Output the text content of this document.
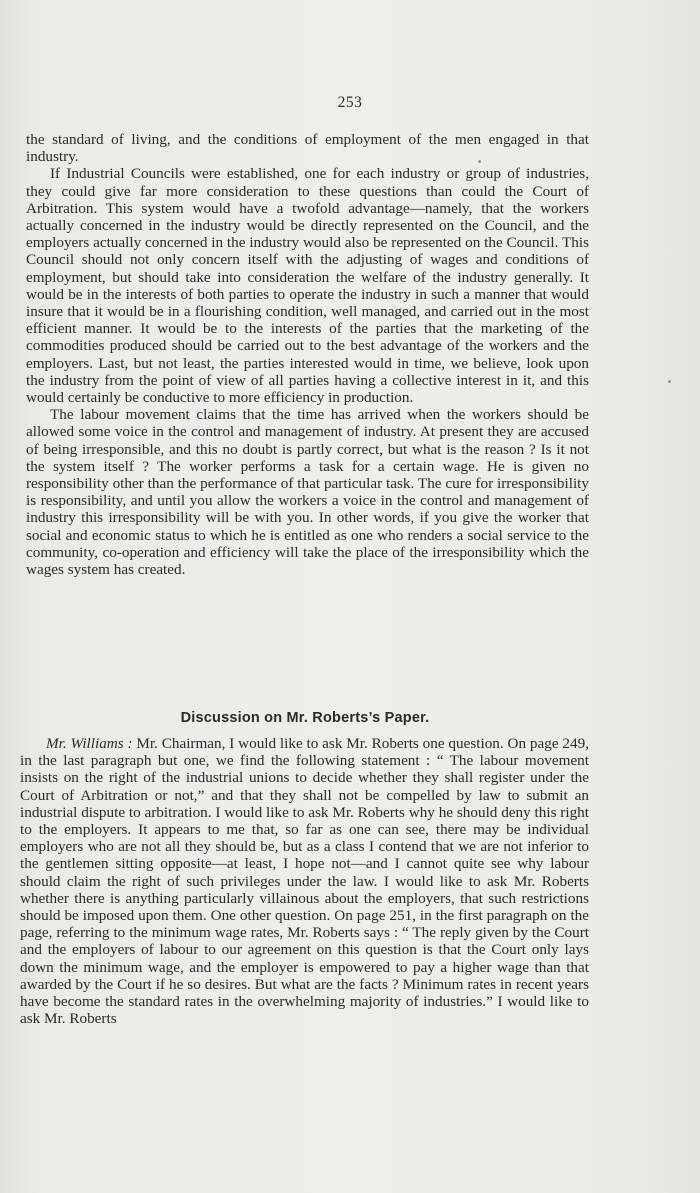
253

the standard of living, and the conditions of employment of the men engaged in that industry.

If Industrial Councils were established, one for each industry or group of industries, they could give far more consideration to these questions than could the Court of Arbitration. This system would have a twofold advantage—namely, that the workers actually concerned in the industry would be directly represented on the Council, and the employers actually concerned in the industry would also be represented on the Council. This Council should not only concern itself with the adjusting of wages and conditions of employment, but should take into consideration the welfare of the industry generally. It would be in the interests of both parties to operate the industry in such a manner that would insure that it would be in a flourishing condition, well managed, and carried out in the most efficient manner. It would be to the interests of the parties that the marketing of the commodities produced should be carried out to the best advantage of the workers and the employers. Last, but not least, the parties interested would in time, we believe, look upon the industry from the point of view of all parties having a collective interest in it, and this would certainly be conductive to more efficiency in production.

The labour movement claims that the time has arrived when the workers should be allowed some voice in the control and management of industry. At present they are accused of being irresponsible, and this no doubt is partly correct, but what is the reason ? Is it not the system itself ? The worker performs a task for a certain wage. He is given no responsibility other than the performance of that particular task. The cure for irresponsibility is responsibility, and until you allow the workers a voice in the control and management of industry this irresponsibility will be with you. In other words, if you give the worker that social and economic status to which he is entitled as one who renders a social service to the community, co-operation and efficiency will take the place of the irresponsibility which the wages system has created.

Discussion on Mr. Roberts’s Paper.

Mr. Williams : Mr. Chairman, I would like to ask Mr. Roberts one question. On page 249, in the last paragraph but one, we find the following statement : “ The labour movement insists on the right of the industrial unions to decide whether they shall register under the Court of Arbitration or not,” and that they shall not be compelled by law to submit an industrial dispute to arbitration. I would like to ask Mr. Roberts why he should deny this right to the employers. It appears to me that, so far as one can see, there may be individual employers who are not all they should be, but as a class I contend that we are not inferior to the gentlemen sitting opposite—at least, I hope not—and I cannot quite see why labour should claim the right of such privileges under the law. I would like to ask Mr. Roberts whether there is anything particularly villainous about the employers, that such restrictions should be imposed upon them. One other question. On page 251, in the first paragraph on the page, referring to the minimum wage rates, Mr. Roberts says : “ The reply given by the Court and the employers of labour to our agreement on this question is that the Court only lays down the minimum wage, and the employer is empowered to pay a higher wage than that awarded by the Court if he so desires. But what are the facts ? Minimum rates in recent years have become the standard rates in the overwhelming majority of industries.” I would like to ask Mr. Roberts
